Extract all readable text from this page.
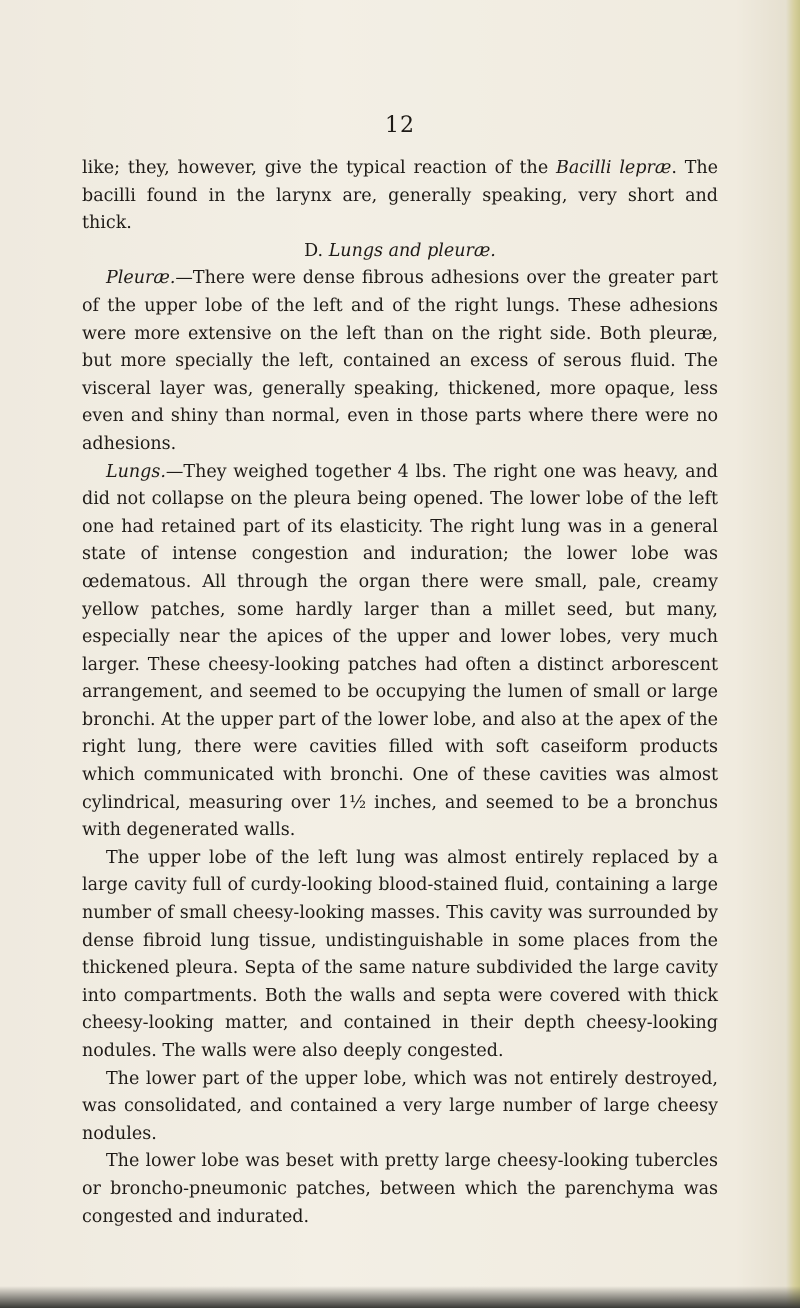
12

like; they, however, give the typical reaction of the Bacilli lepræ. The bacilli found in the larynx are, generally speaking, very short and thick.

D. Lungs and pleuræ.

Pleuræ.—There were dense fibrous adhesions over the greater part of the upper lobe of the left and of the right lungs. These adhesions were more extensive on the left than on the right side. Both pleuræ, but more specially the left, contained an excess of serous fluid. The visceral layer was, generally speaking, thickened, more opaque, less even and shiny than normal, even in those parts where there were no adhesions.

Lungs.—They weighed together 4 lbs. The right one was heavy, and did not collapse on the pleura being opened. The lower lobe of the left one had retained part of its elasticity. The right lung was in a general state of intense congestion and induration; the lower lobe was œdematous. All through the organ there were small, pale, creamy yellow patches, some hardly larger than a millet seed, but many, especially near the apices of the upper and lower lobes, very much larger. These cheesy-looking patches had often a distinct arborescent arrangement, and seemed to be occupying the lumen of small or large bronchi. At the upper part of the lower lobe, and also at the apex of the right lung, there were cavities filled with soft caseiform products which communicated with bronchi. One of these cavities was almost cylindrical, measuring over 1½ inches, and seemed to be a bronchus with degenerated walls.

The upper lobe of the left lung was almost entirely replaced by a large cavity full of curdy-looking blood-stained fluid, containing a large number of small cheesy-looking masses. This cavity was surrounded by dense fibroid lung tissue, undistinguishable in some places from the thickened pleura. Septa of the same nature subdivided the large cavity into compartments. Both the walls and septa were covered with thick cheesy-looking matter, and contained in their depth cheesy-looking nodules. The walls were also deeply congested.

The lower part of the upper lobe, which was not entirely destroyed, was consolidated, and contained a very large number of large cheesy nodules.

The lower lobe was beset with pretty large cheesy-looking tubercles or broncho-pneumonic patches, between which the parenchyma was congested and indurated.
